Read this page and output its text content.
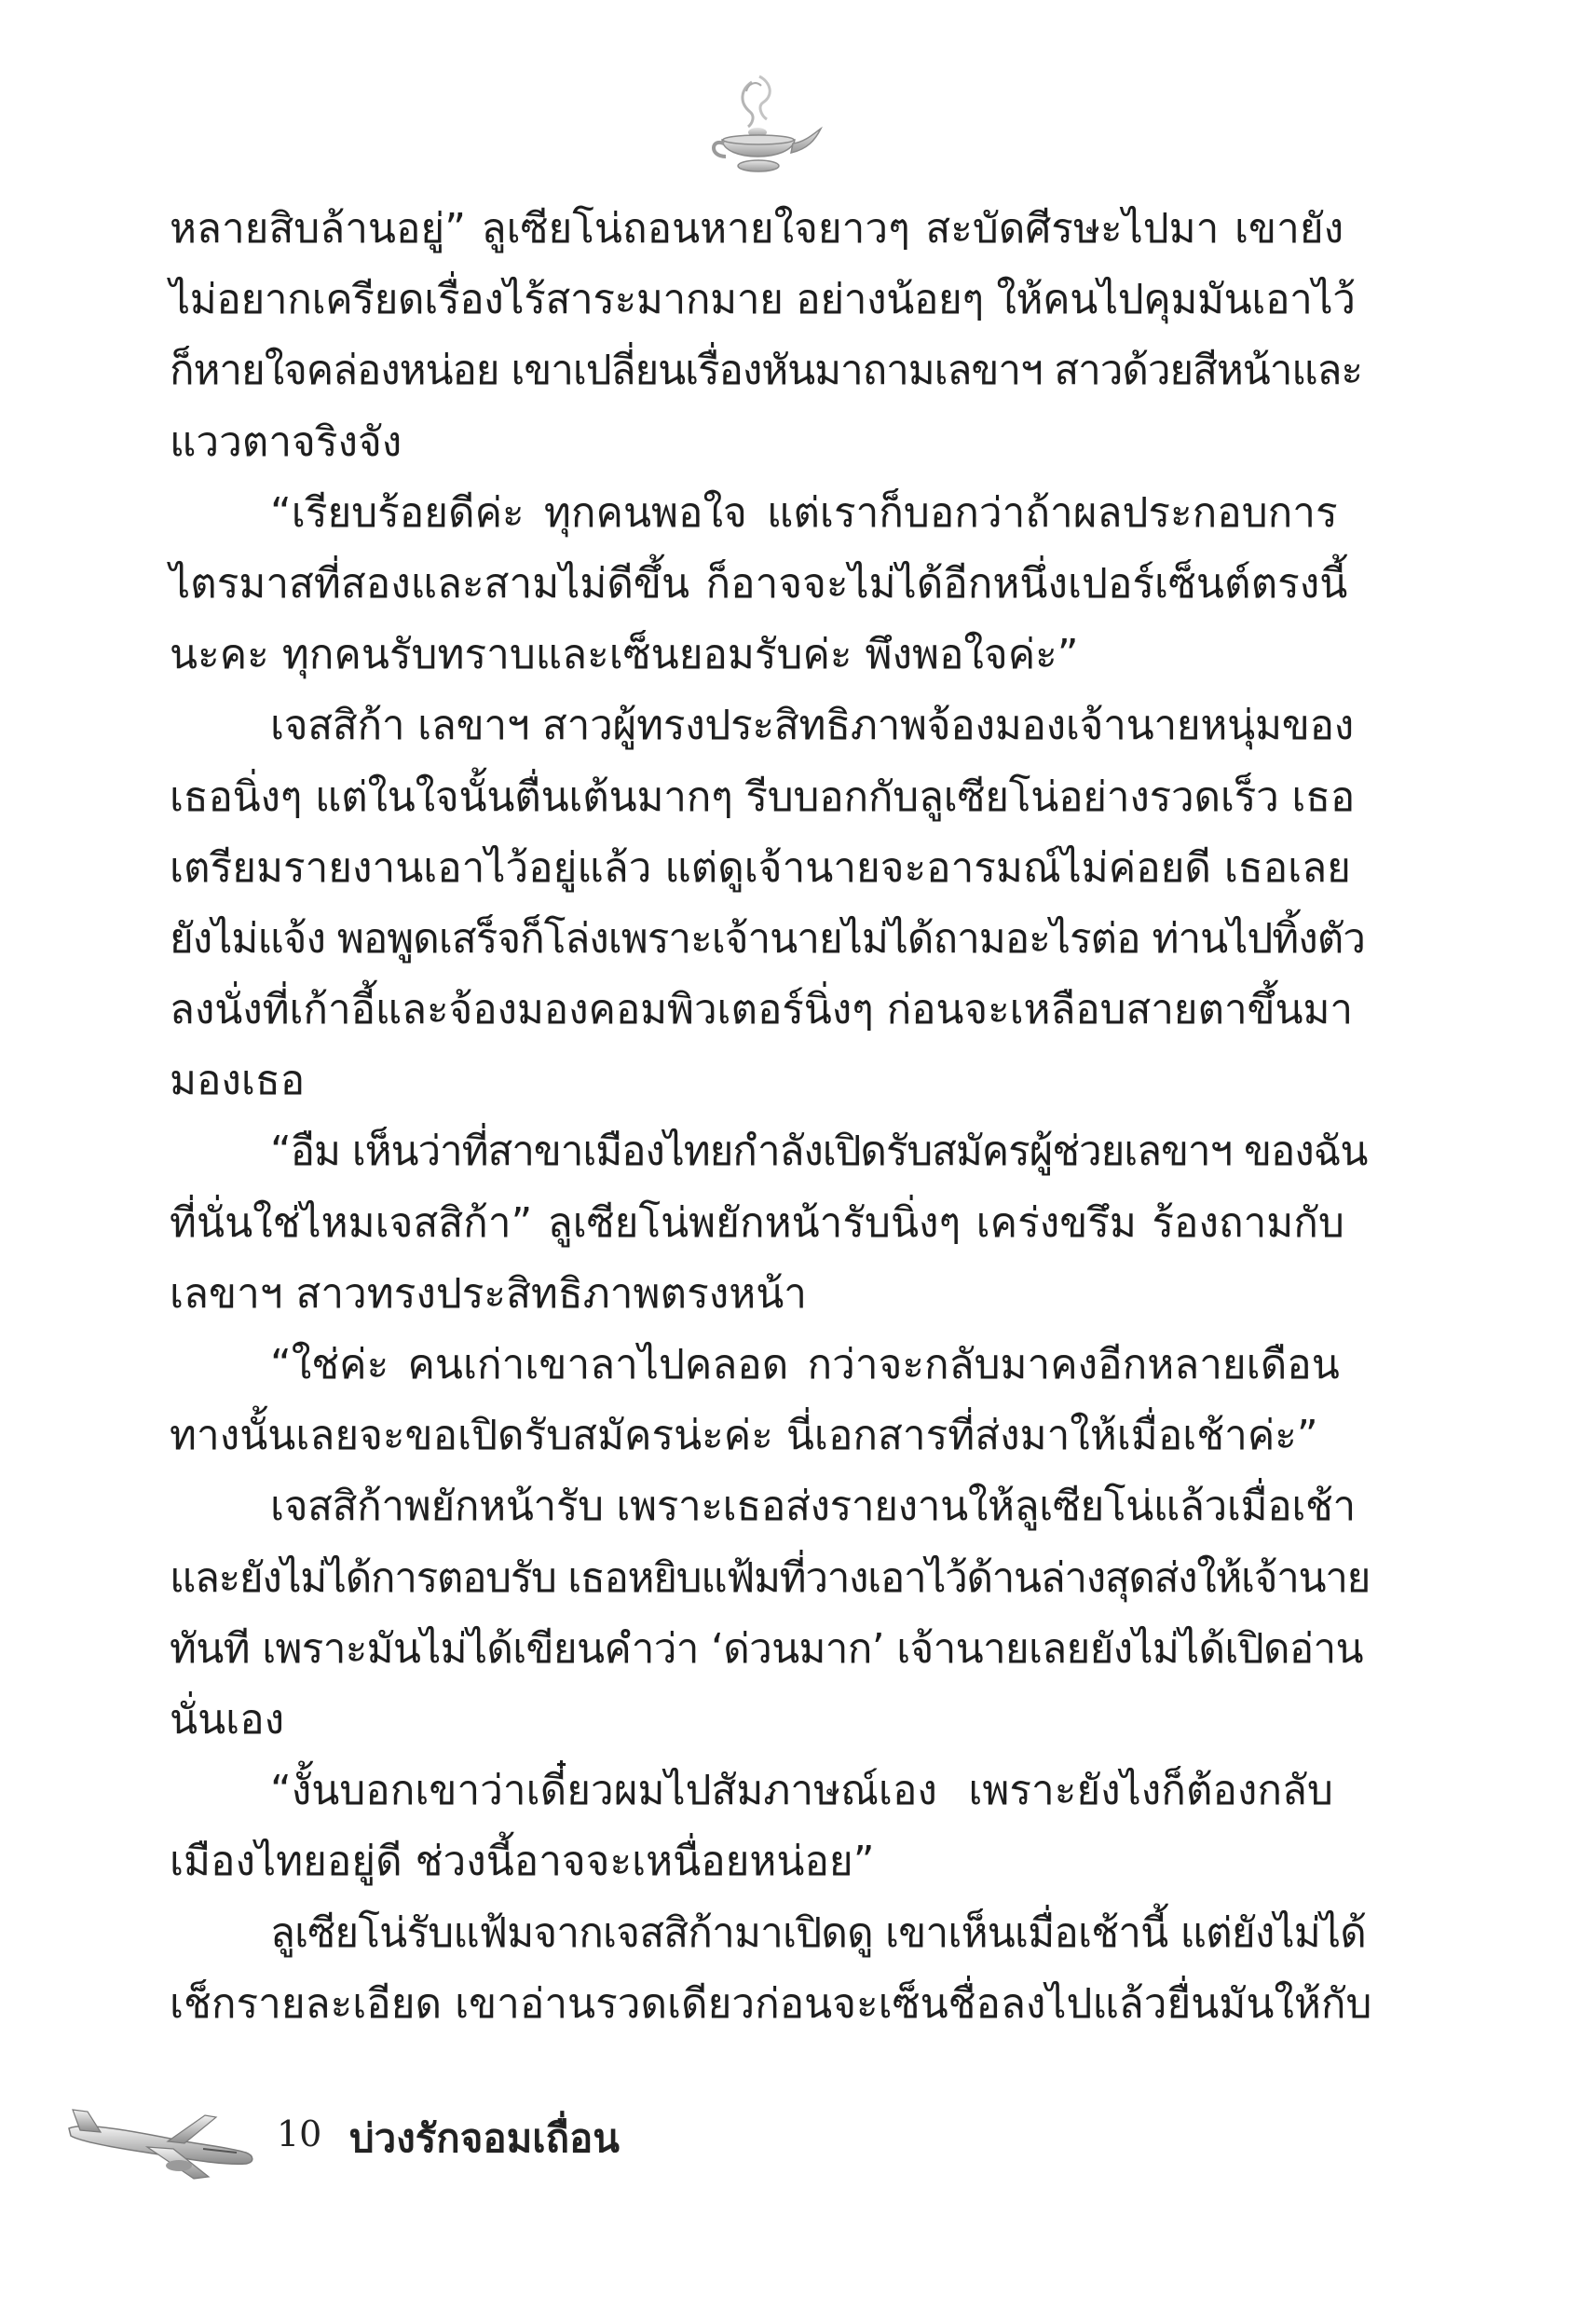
หลายสิบล้านอยู่” ลูเซียโน่ถอนหายใจยาวๆ สะบัดศีรษะไปมา เขายัง
ไม่อยากเครียดเรื่องไร้สาระมากมาย อย่างน้อยๆ ให้คนไปคุมมันเอาไว้
ก็หายใจคล่องหน่อย เขาเปลี่ยนเรื่องหันมาถามเลขาฯ สาวด้วยสีหน้าและ
แววตาจริงจัง
“เรียบร้อยดีค่ะ ทุกคนพอใจ แต่เราก็บอกว่าถ้าผลประกอบการ
ไตรมาสที่สองและสามไม่ดีขึ้น ก็อาจจะไม่ได้อีกหนึ่งเปอร์เซ็นต์ตรงนี้
นะคะ ทุกคนรับทราบและเซ็นยอมรับค่ะ พึงพอใจค่ะ”
เจสสิก้า เลขาฯ สาวผู้ทรงประสิทธิภาพจ้องมองเจ้านายหนุ่มของ
เธอนิ่งๆ แต่ในใจนั้นตื่นเต้นมากๆ รีบบอกกับลูเซียโน่อย่างรวดเร็ว เธอ
เตรียมรายงานเอาไว้อยู่แล้ว แต่ดูเจ้านายจะอารมณ์ไม่ค่อยดี เธอเลย
ยังไม่แจ้ง พอพูดเสร็จก็โล่งเพราะเจ้านายไม่ได้ถามอะไรต่อ ท่านไปทิ้งตัว
ลงนั่งที่เก้าอี้และจ้องมองคอมพิวเตอร์นิ่งๆ ก่อนจะเหลือบสายตาขึ้นมา
มองเธอ
“อืม เห็นว่าที่สาขาเมืองไทยกำลังเปิดรับสมัครผู้ช่วยเลขาฯ ของฉัน
ที่นั่นใช่ไหมเจสสิก้า” ลูเซียโน่พยักหน้ารับนิ่งๆ เคร่งขรึม ร้องถามกับ
เลขาฯ สาวทรงประสิทธิภาพตรงหน้า
“ใช่ค่ะ คนเก่าเขาลาไปคลอด กว่าจะกลับมาคงอีกหลายเดือน
ทางนั้นเลยจะขอเปิดรับสมัครน่ะค่ะ นี่เอกสารที่ส่งมาให้เมื่อเช้าค่ะ”
เจสสิก้าพยักหน้ารับ เพราะเธอส่งรายงานให้ลูเซียโน่แล้วเมื่อเช้า
และยังไม่ได้การตอบรับ เธอหยิบแฟ้มที่วางเอาไว้ด้านล่างสุดส่งให้เจ้านาย
ทันที เพราะมันไม่ได้เขียนคำว่า ‘ด่วนมาก’ เจ้านายเลยยังไม่ได้เปิดอ่าน
นั่นเอง
“งั้นบอกเขาว่าเดี๋ยวผมไปสัมภาษณ์เอง เพราะยังไงก็ต้องกลับ
เมืองไทยอยู่ดี ช่วงนี้อาจจะเหนื่อยหน่อย”
ลูเซียโน่รับแฟ้มจากเจสสิก้ามาเปิดดู เขาเห็นเมื่อเช้านี้ แต่ยังไม่ได้
เช็กรายละเอียด เขาอ่านรวดเดียวก่อนจะเซ็นชื่อลงไปแล้วยื่นมันให้กับ
10 บ่วงรักจอมเถื่อน
